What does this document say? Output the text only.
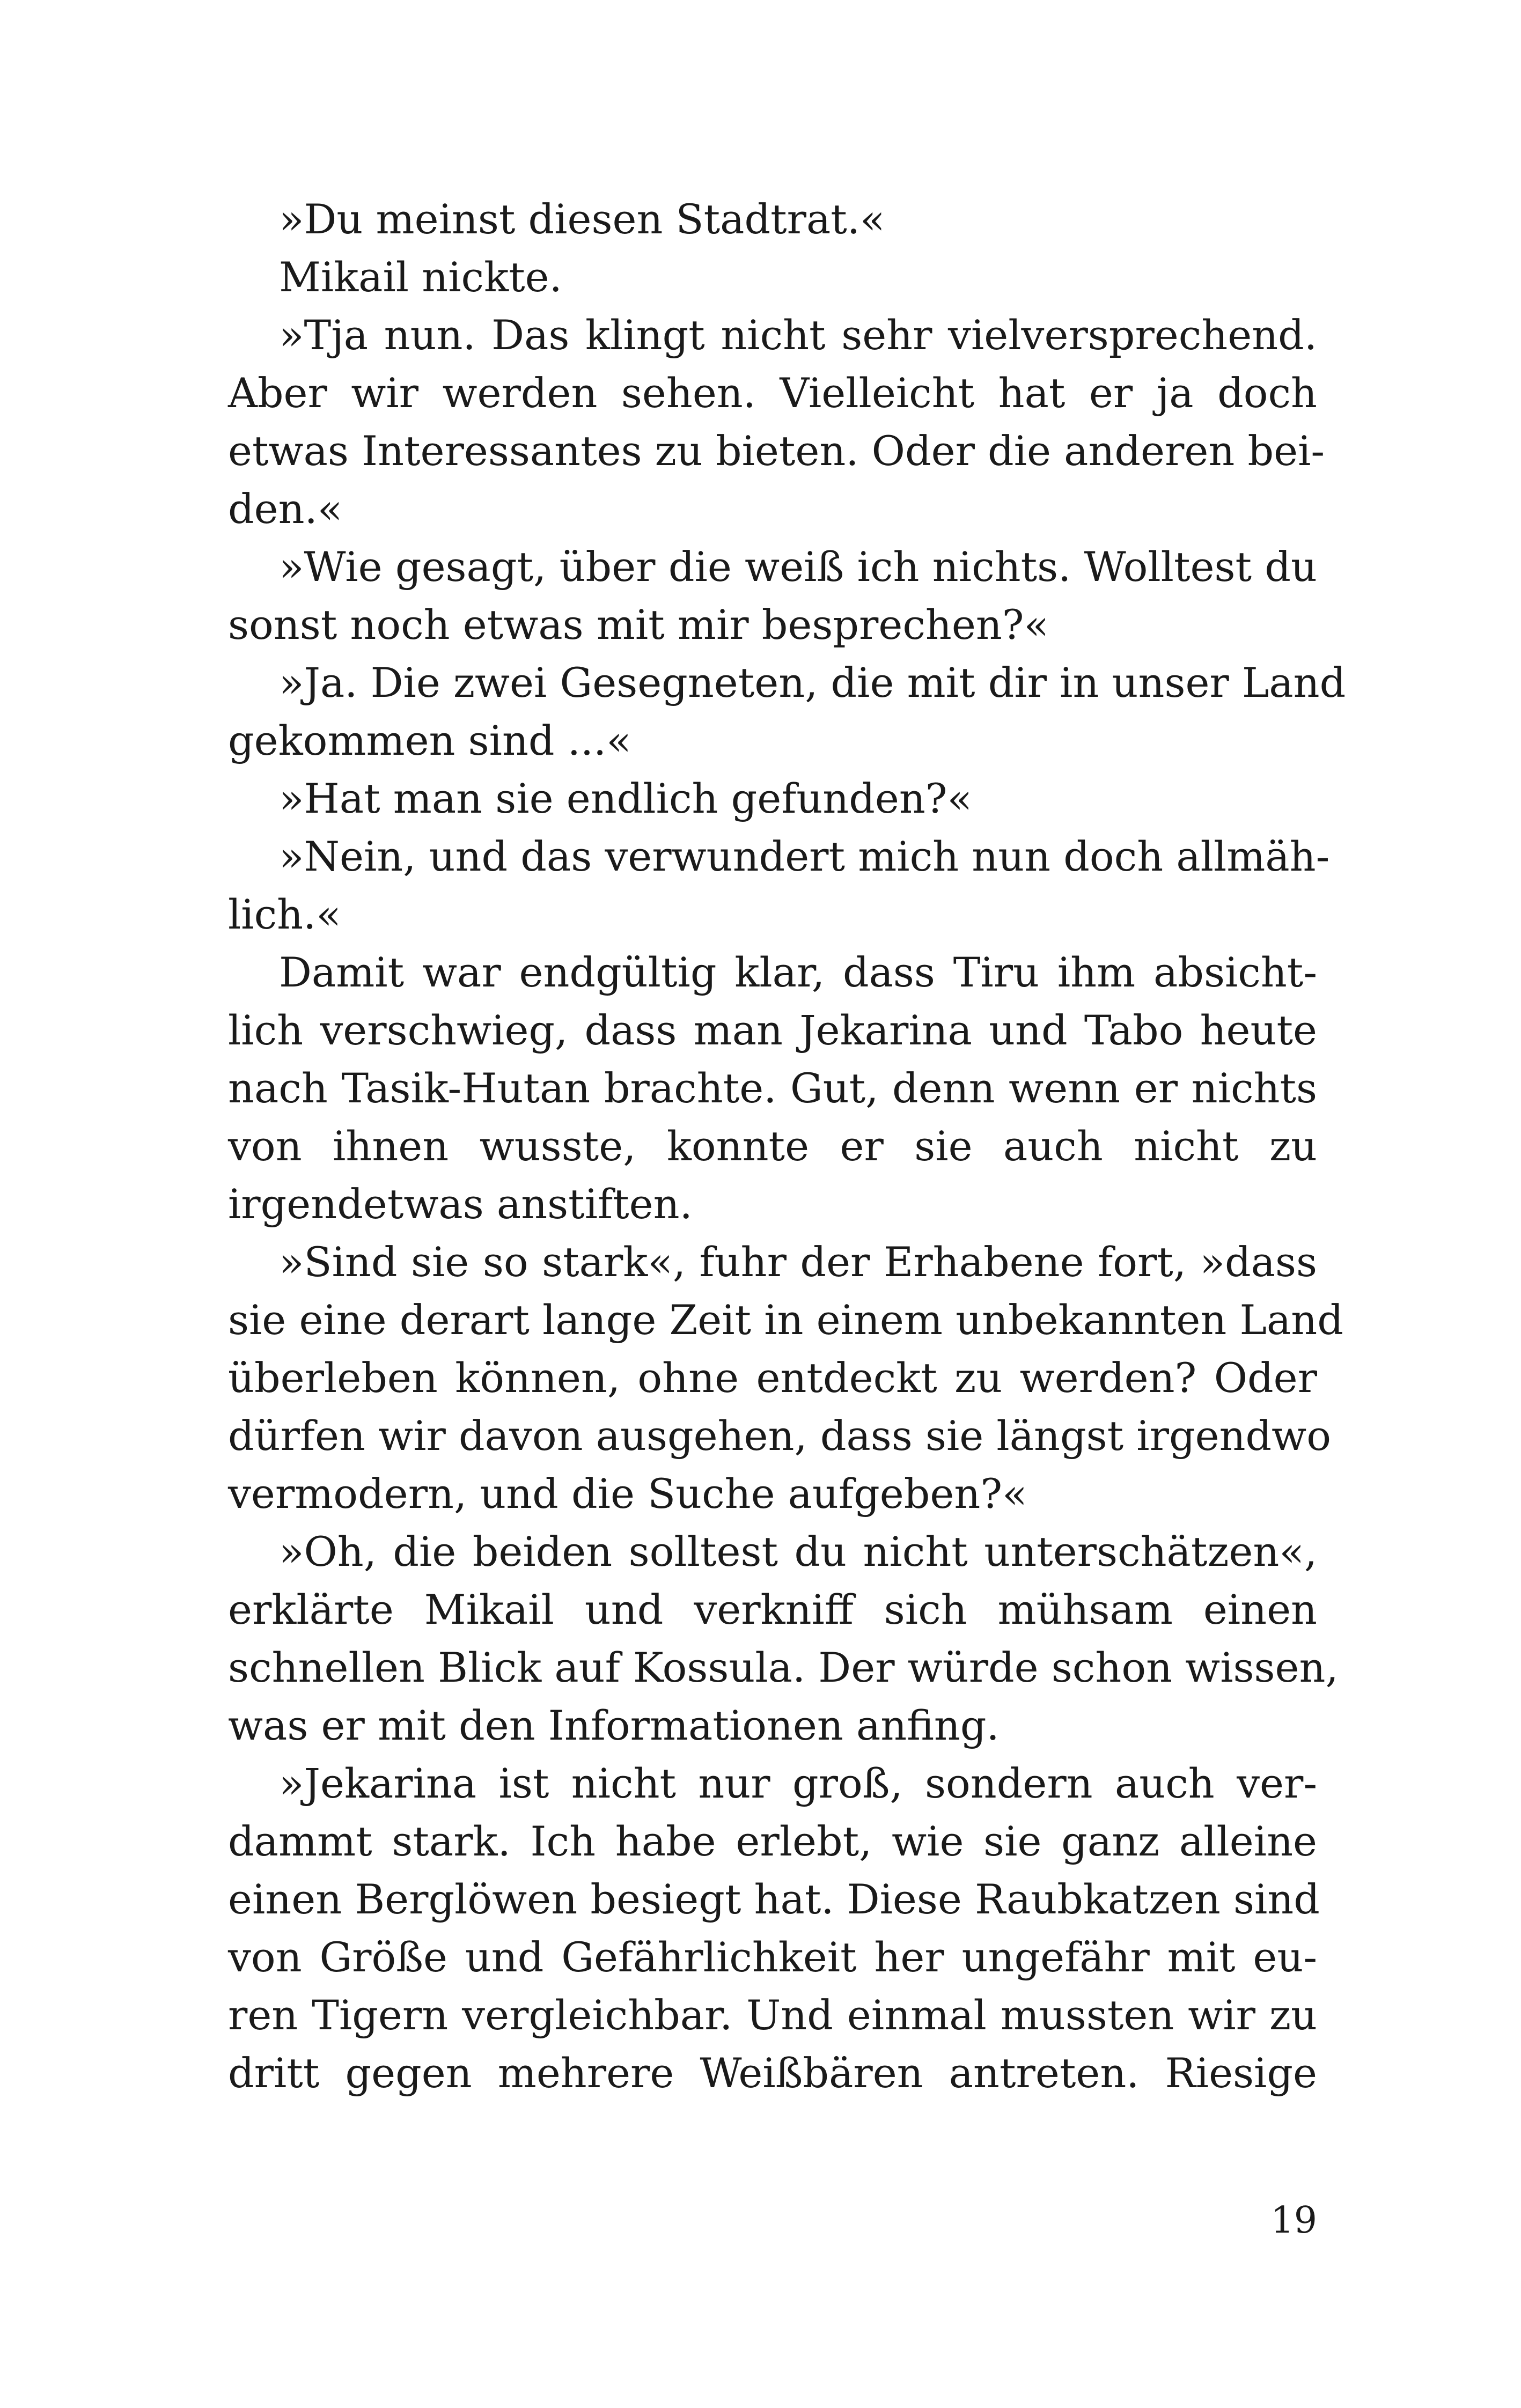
»Du meinst diesen Stadtrat.«
Mikail nickte.
»Tja nun. Das klingt nicht sehr vielversprechend.
Aber wir werden sehen. Vielleicht hat er ja doch
etwas Interessantes zu bieten. Oder die anderen bei-
den.«
»Wie gesagt, über die weiß ich nichts. Wolltest du
sonst noch etwas mit mir besprechen?«
»Ja. Die zwei Gesegneten, die mit dir in unser Land
gekommen sind ...«
»Hat man sie endlich gefunden?«
»Nein, und das verwundert mich nun doch allmäh-
lich.«
Damit war endgültig klar, dass Tiru ihm absicht-
lich verschwieg, dass man Jekarina und Tabo heute
nach Tasik-Hutan brachte. Gut, denn wenn er nichts
von ihnen wusste, konnte er sie auch nicht zu
irgendetwas anstiften.
»Sind sie so stark«, fuhr der Erhabene fort, »dass
sie eine derart lange Zeit in einem unbekannten Land
überleben können, ohne entdeckt zu werden? Oder
dürfen wir davon ausgehen, dass sie längst irgendwo
vermodern, und die Suche aufgeben?«
»Oh, die beiden solltest du nicht unterschätzen«,
erklärte Mikail und verkniff sich mühsam einen
schnellen Blick auf Kossula. Der würde schon wissen,
was er mit den Informationen anfing.
»Jekarina ist nicht nur groß, sondern auch ver-
dammt stark. Ich habe erlebt, wie sie ganz alleine
einen Berglöwen besiegt hat. Diese Raubkatzen sind
von Größe und Gefährlichkeit her ungefähr mit eu-
ren Tigern vergleichbar. Und einmal mussten wir zu
dritt gegen mehrere Weißbären antreten. Riesige
19
